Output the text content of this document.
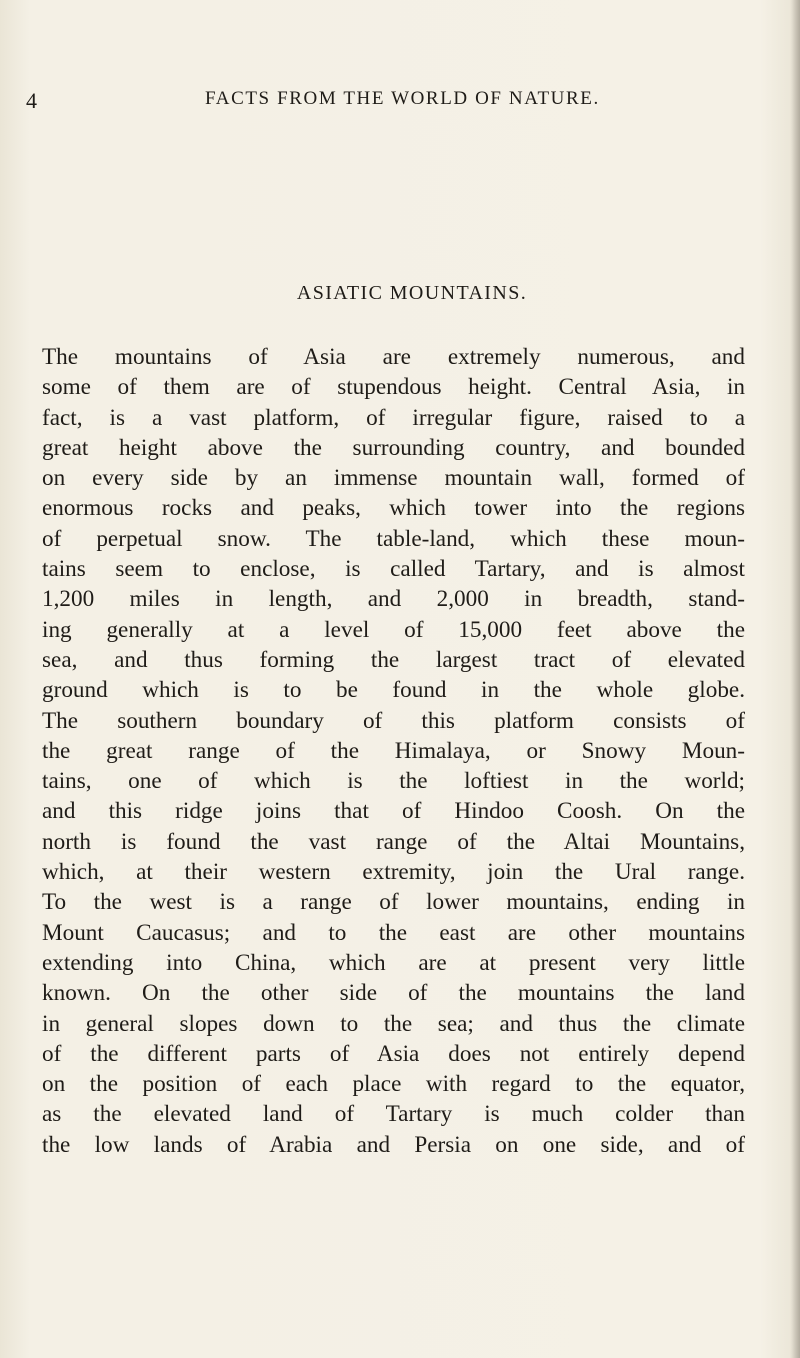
4	FACTS FROM THE WORLD OF NATURE.
ASIATIC MOUNTAINS.
The mountains of Asia are extremely numerous, and
some of them are of stupendous height. Central Asia, in
fact, is a vast platform, of irregular figure, raised to a
great height above the surrounding country, and bounded
on every side by an immense mountain wall, formed of
enormous rocks and peaks, which tower into the regions
of perpetual snow. The table-land, which these moun-
tains seem to enclose, is called Tartary, and is almost
1,200 miles in length, and 2,000 in breadth, stand-
ing generally at a level of 15,000 feet above the
sea, and thus forming the largest tract of elevated
ground which is to be found in the whole globe.
The southern boundary of this platform consists of
the great range of the Himalaya, or Snowy Moun-
tains, one of which is the loftiest in the world;
and this ridge joins that of Hindoo Coosh. On the
north is found the vast range of the Altai Mountains,
which, at their western extremity, join the Ural range.
To the west is a range of lower mountains, ending in
Mount Caucasus; and to the east are other mountains
extending into China, which are at present very little
known. On the other side of the mountains the land
in general slopes down to the sea; and thus the climate
of the different parts of Asia does not entirely depend
on the position of each place with regard to the equator,
as the elevated land of Tartary is much colder than
the low lands of Arabia and Persia on one side, and of
